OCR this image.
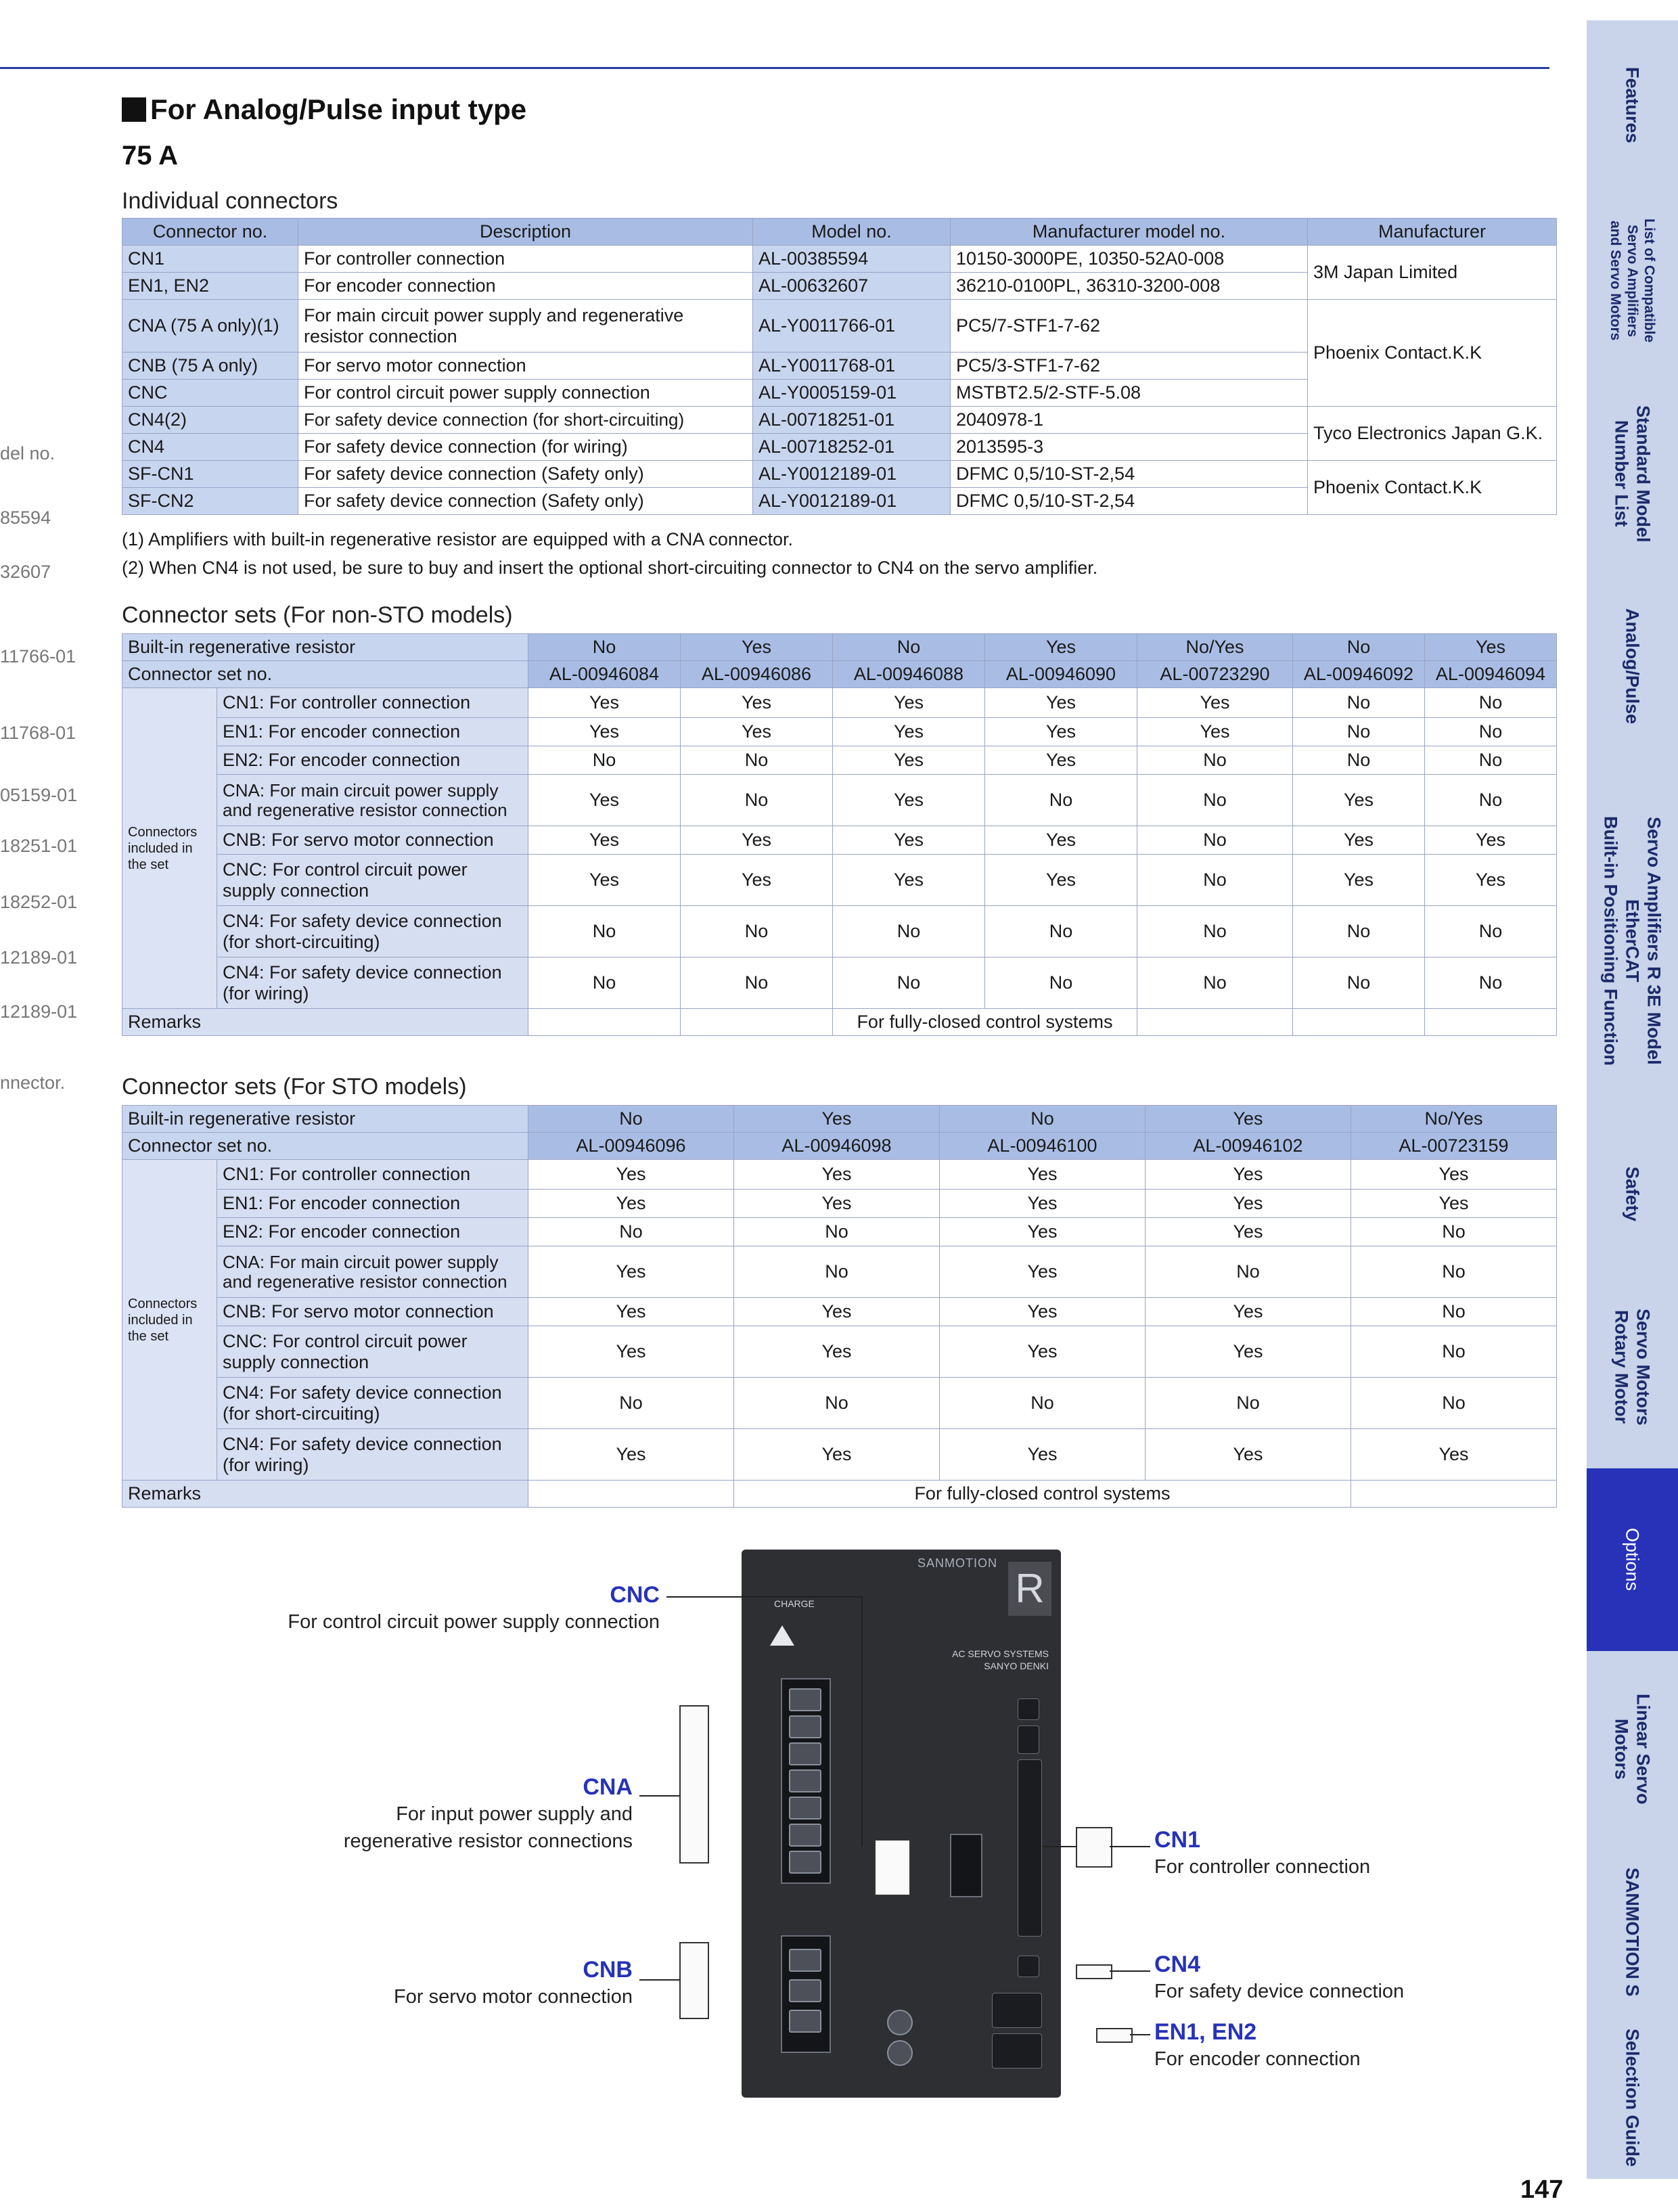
Features
List of Compatible
Servo Amplifiers
and Servo Motors
Standard Model
Number List
Analog/Pulse
Servo Amplifiers R 3E Model
EtherCAT
Built-in Positioning Function
Safety
Servo Motors
Rotary Motor
Options
Linear Servo
Motors
SANMOTION S
Selection Guide
del no.
85594
32607
11766-01
11768-01
05159-01
18251-01
18252-01
12189-01
12189-01
nnector.
For Analog/Pulse input type
75 A
Individual connectors
Connector no.	Description	Model no.	Manufacturer model no.	Manufacturer
CN1	For controller connection	AL-00385594	10150-3000PE, 10350-52A0-008	3M Japan Limited
EN1, EN2	For encoder connection	AL-00632607	36210-0100PL, 36310-3200-008	
CNA (75 A only)(1)	For main circuit power supply and regenerative resistor connection	AL-Y0011766-01	PC5/7-STF1-7-62	Phoenix Contact.K.K
CNB (75 A only)	For servo motor connection	AL-Y0011768-01	PC5/3-STF1-7-62	
CNC	For control circuit power supply connection	AL-Y0005159-01	MSTBT2.5/2-STF-5.08	
CN4(2)	For safety device connection (for short-circuiting)	AL-00718251-01	2040978-1	Tyco Electronics Japan G.K.
CN4	For safety device connection (for wiring)	AL-00718252-01	2013595-3	
SF-CN1	For safety device connection (Safety only)	AL-Y0012189-01	DFMC 0,5/10-ST-2,54	Phoenix Contact.K.K
SF-CN2	For safety device connection (Safety only)	AL-Y0012189-01	DFMC 0,5/10-ST-2,54	
(1) Amplifiers with built-in regenerative resistor are equipped with a CNA connector.
(2) When CN4 is not used, be sure to buy and insert the optional short-circuiting connector to CN4 on the servo amplifier.
Connector sets (For non-STO models)
Built-in regenerative resistor		No	Yes	No	Yes	No/Yes	No	Yes
Connector set no.		AL-00946084	AL-00946086	AL-00946088	AL-00946090	AL-00723290	AL-00946092	AL-00946094
Connectors included in the set	CN1: For controller connection	Yes	Yes	Yes	Yes	Yes	No	No
	EN1: For encoder connection	Yes	Yes	Yes	Yes	Yes	No	No
	EN2: For encoder connection	No	No	Yes	Yes	No	No	No
	CNA: For main circuit power supply and regenerative resistor connection	Yes	No	Yes	No	No	Yes	No
	CNB: For servo motor connection	Yes	Yes	Yes	Yes	No	Yes	Yes
	CNC: For control circuit power supply connection	Yes	Yes	Yes	Yes	No	Yes	Yes
	CN4: For safety device connection (for short-circuiting)	No	No	No	No	No	No	No
	CN4: For safety device connection (for wiring)	No	No	No	No	No	No	No
Remarks				For fully-closed control systems				
Connector sets (For STO models)
Built-in regenerative resistor		No	Yes	No	Yes	No/Yes
Connector set no.		AL-00946096	AL-00946098	AL-00946100	AL-00946102	AL-00723159
Connectors included in the set	CN1: For controller connection	Yes	Yes	Yes	Yes	Yes
	EN1: For encoder connection	Yes	Yes	Yes	Yes	Yes
	EN2: For encoder connection	No	No	Yes	Yes	No
	CNA: For main circuit power supply and regenerative resistor connection	Yes	No	Yes	No	No
	CNB: For servo motor connection	Yes	Yes	Yes	Yes	No
	CNC: For control circuit power supply connection	Yes	Yes	Yes	Yes	No
	CN4: For safety device connection (for short-circuiting)	No	No	No	No	No
	CN4: For safety device connection (for wiring)	Yes	Yes	Yes	Yes	Yes
Remarks			For fully-closed control systems			
SANMOTION
R
CHARGE
AC SERVO SYSTEMS
SANYO DENKI
CNC
For control circuit power supply connection
CNA
For input power supply and
regenerative resistor connections
CNB
For servo motor connection
CN1
For controller connection
CN4
For safety device connection
EN1, EN2
For encoder connection
147
